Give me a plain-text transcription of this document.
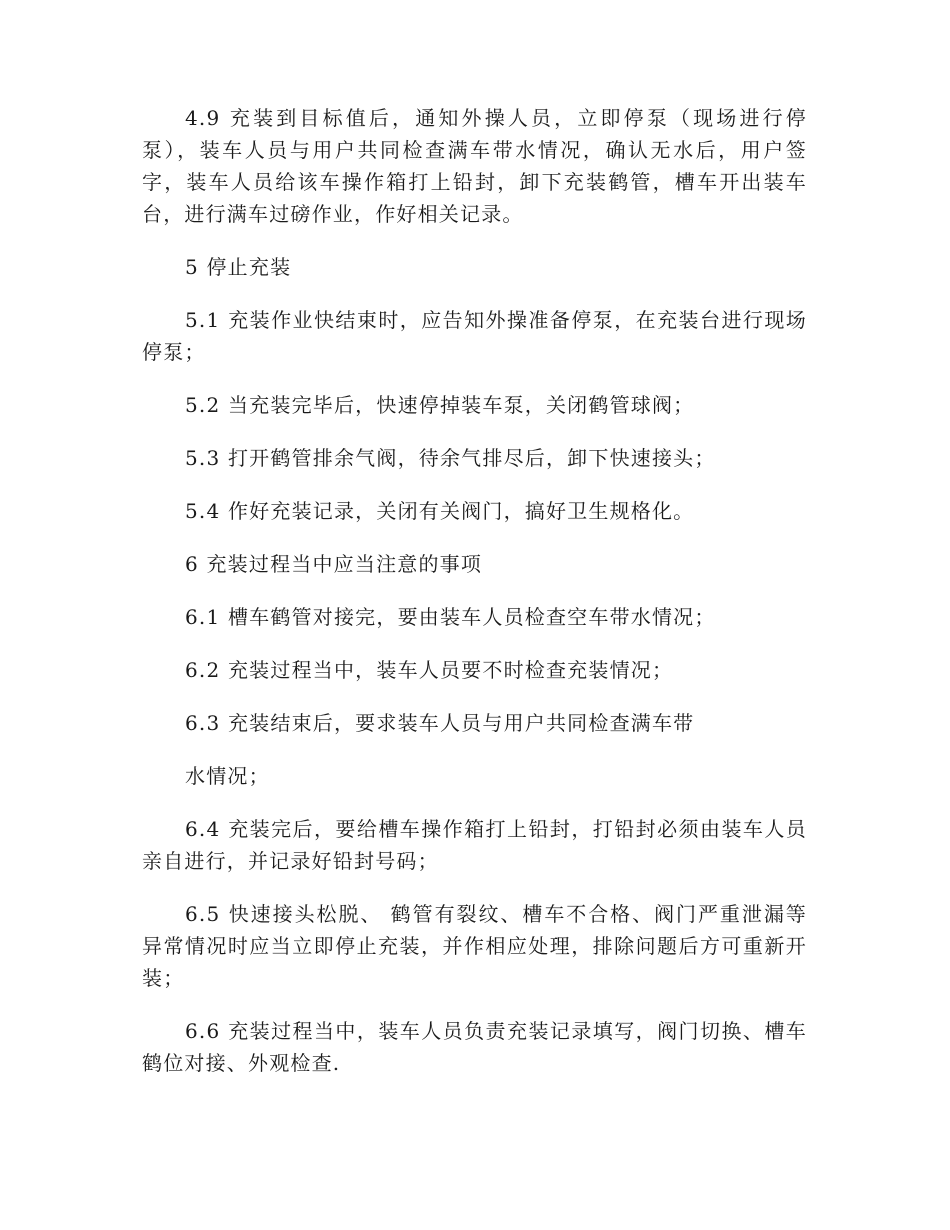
4.9 充装到目标值后，通知外操人员，立即停泵（现场进行停泵），装车人员与用户共同检查满车带水情况，确认无水后，用户签字，装车人员给该车操作箱打上铅封，卸下充装鹤管，槽车开出装车台，进行满车过磅作业，作好相关记录。

5 停止充装

5.1 充装作业快结束时，应告知外操准备停泵，在充装台进行现场停泵；

5.2 当充装完毕后，快速停掉装车泵，关闭鹤管球阀；

5.3 打开鹤管排余气阀，待余气排尽后，卸下快速接头；

5.4 作好充装记录，关闭有关阀门，搞好卫生规格化。

6 充装过程当中应当注意的事项

6.1 槽车鹤管对接完，要由装车人员检查空车带水情况；

6.2 充装过程当中，装车人员要不时检查充装情况；

6.3 充装结束后，要求装车人员与用户共同检查满车带

水情况；

6.4 充装完后，要给槽车操作箱打上铅封，打铅封必须由装车人员亲自进行，并记录好铅封号码；

6.5 快速接头松脱、 鹤管有裂纹、槽车不合格、阀门严重泄漏等异常情况时应当立即停止充装，并作相应处理，排除问题后方可重新开装；

6.6 充装过程当中，装车人员负责充装记录填写，阀门切换、槽车鹤位对接、外观检查.
